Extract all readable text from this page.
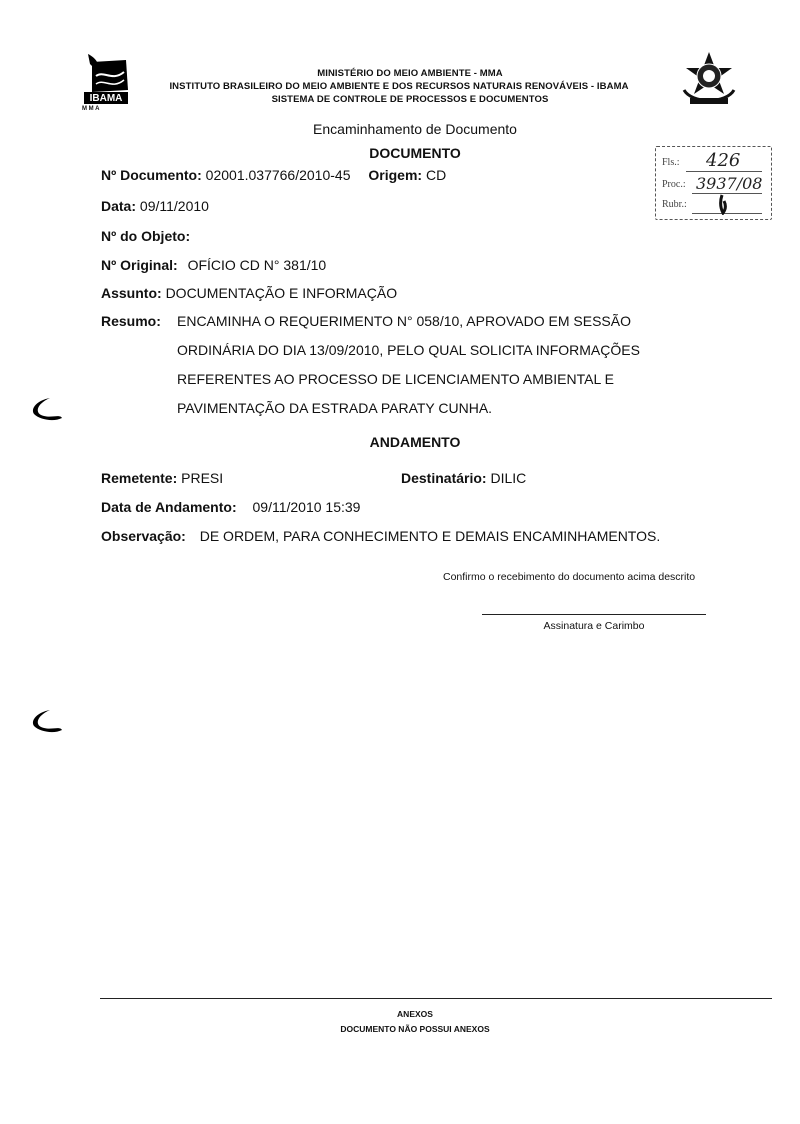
IBAMA
M M A
MINISTÉRIO DO MEIO AMBIENTE - MMA
INSTITUTO BRASILEIRO DO MEIO AMBIENTE E DOS RECURSOS NATURAIS RENOVÁVEIS - IBAMA
SISTEMA DE CONTROLE DE PROCESSOS E DOCUMENTOS
Encaminhamento de Documento
DOCUMENTO
Fls.: 426
Proc.: 3937/08
Rubr.:
Nº Documento: 02001.037766/2010-45 Origem: CD
Data: 09/11/2010
Nº do Objeto:
Nº Original: OFÍCIO CD N° 381/10
Assunto: DOCUMENTAÇÃO E INFORMAÇÃO
Resumo: ENCAMINHA O REQUERIMENTO N° 058/10, APROVADO EM SESSÃO
ORDINÁRIA DO DIA 13/09/2010, PELO QUAL SOLICITA INFORMAÇÕES
REFERENTES AO PROCESSO DE LICENCIAMENTO AMBIENTAL E
PAVIMENTAÇÃO DA ESTRADA PARATY CUNHA.
ANDAMENTO
Remetente: PRESI	Destinatário: DILIC
Data de Andamento: 09/11/2010 15:39
Observação: DE ORDEM, PARA CONHECIMENTO E DEMAIS ENCAMINHAMENTOS.
Confirmo o recebimento do documento acima descrito
Assinatura e Carimbo
ANEXOS
DOCUMENTO NÃO POSSUI ANEXOS
